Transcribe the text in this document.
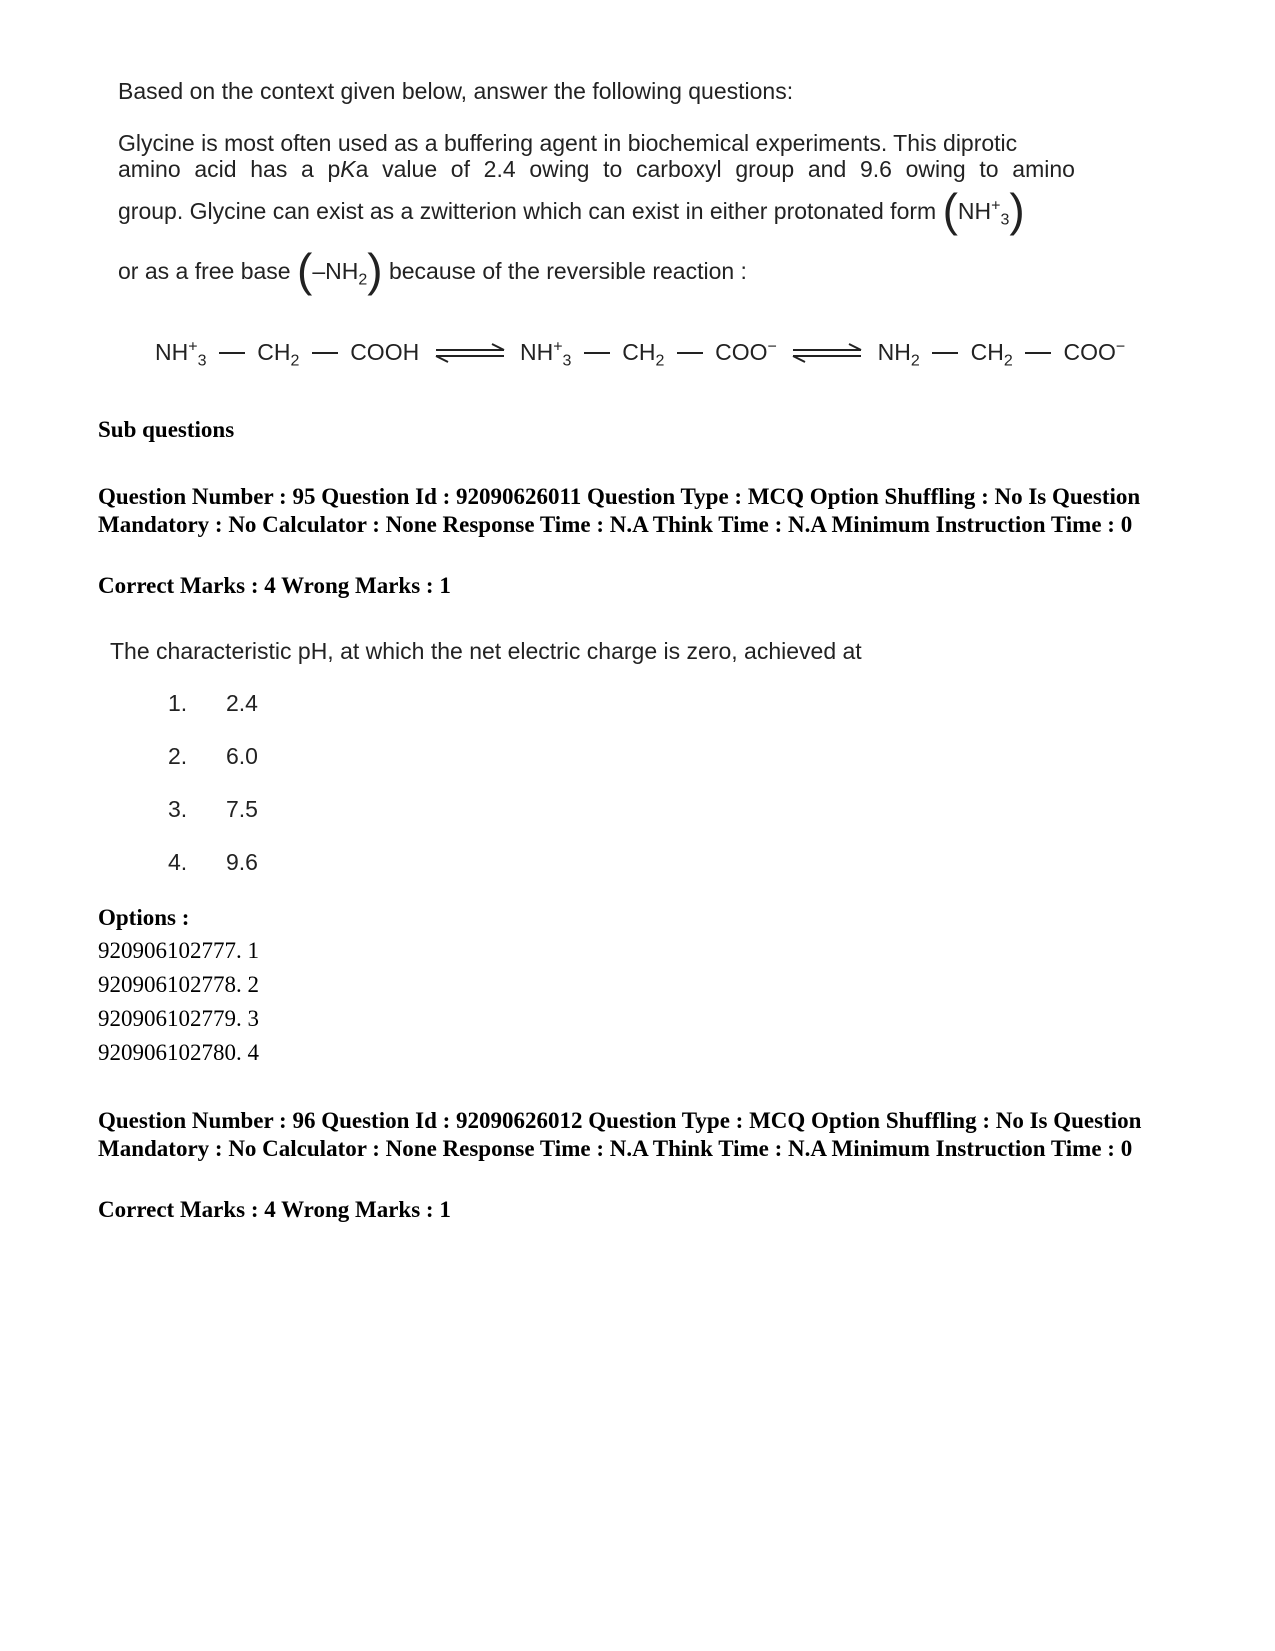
Based on the context given below, answer the following questions:
Glycine is most often used as a buffering agent in biochemical experiments. This diprotic
amino acid has a pKa value of 2.4 owing to carboxyl group and 9.6 owing to amino
group. Glycine can exist as a zwitterion which can exist in either protonated form $(NH^+_3)$
or as a free base $(-NH_2)$ because of the reversible reaction :
$NH^+_3$ $CH_2$ COOH ⇌ $NH^+_3$ $CH_2$ COO− ⇌ $NH_2$ $CH_2$ COO−
Sub questions
Question Number : 95 Question Id : 92090626011 Question Type : MCQ Option Shuffling : No Is Question Mandatory : No Calculator : None Response Time : N.A Think Time : N.A Minimum Instruction Time : 0
Correct Marks : 4 Wrong Marks : 1
The characteristic pH, at which the net electric charge is zero, achieved at
1. 2.4
2. 6.0
3. 7.5
4. 9.6
Options :
920906102777. 1
920906102778. 2
920906102779. 3
920906102780. 4
Question Number : 96 Question Id : 92090626012 Question Type : MCQ Option Shuffling : No Is Question Mandatory : No Calculator : None Response Time : N.A Think Time : N.A Minimum Instruction Time : 0
Correct Marks : 4 Wrong Marks : 1
